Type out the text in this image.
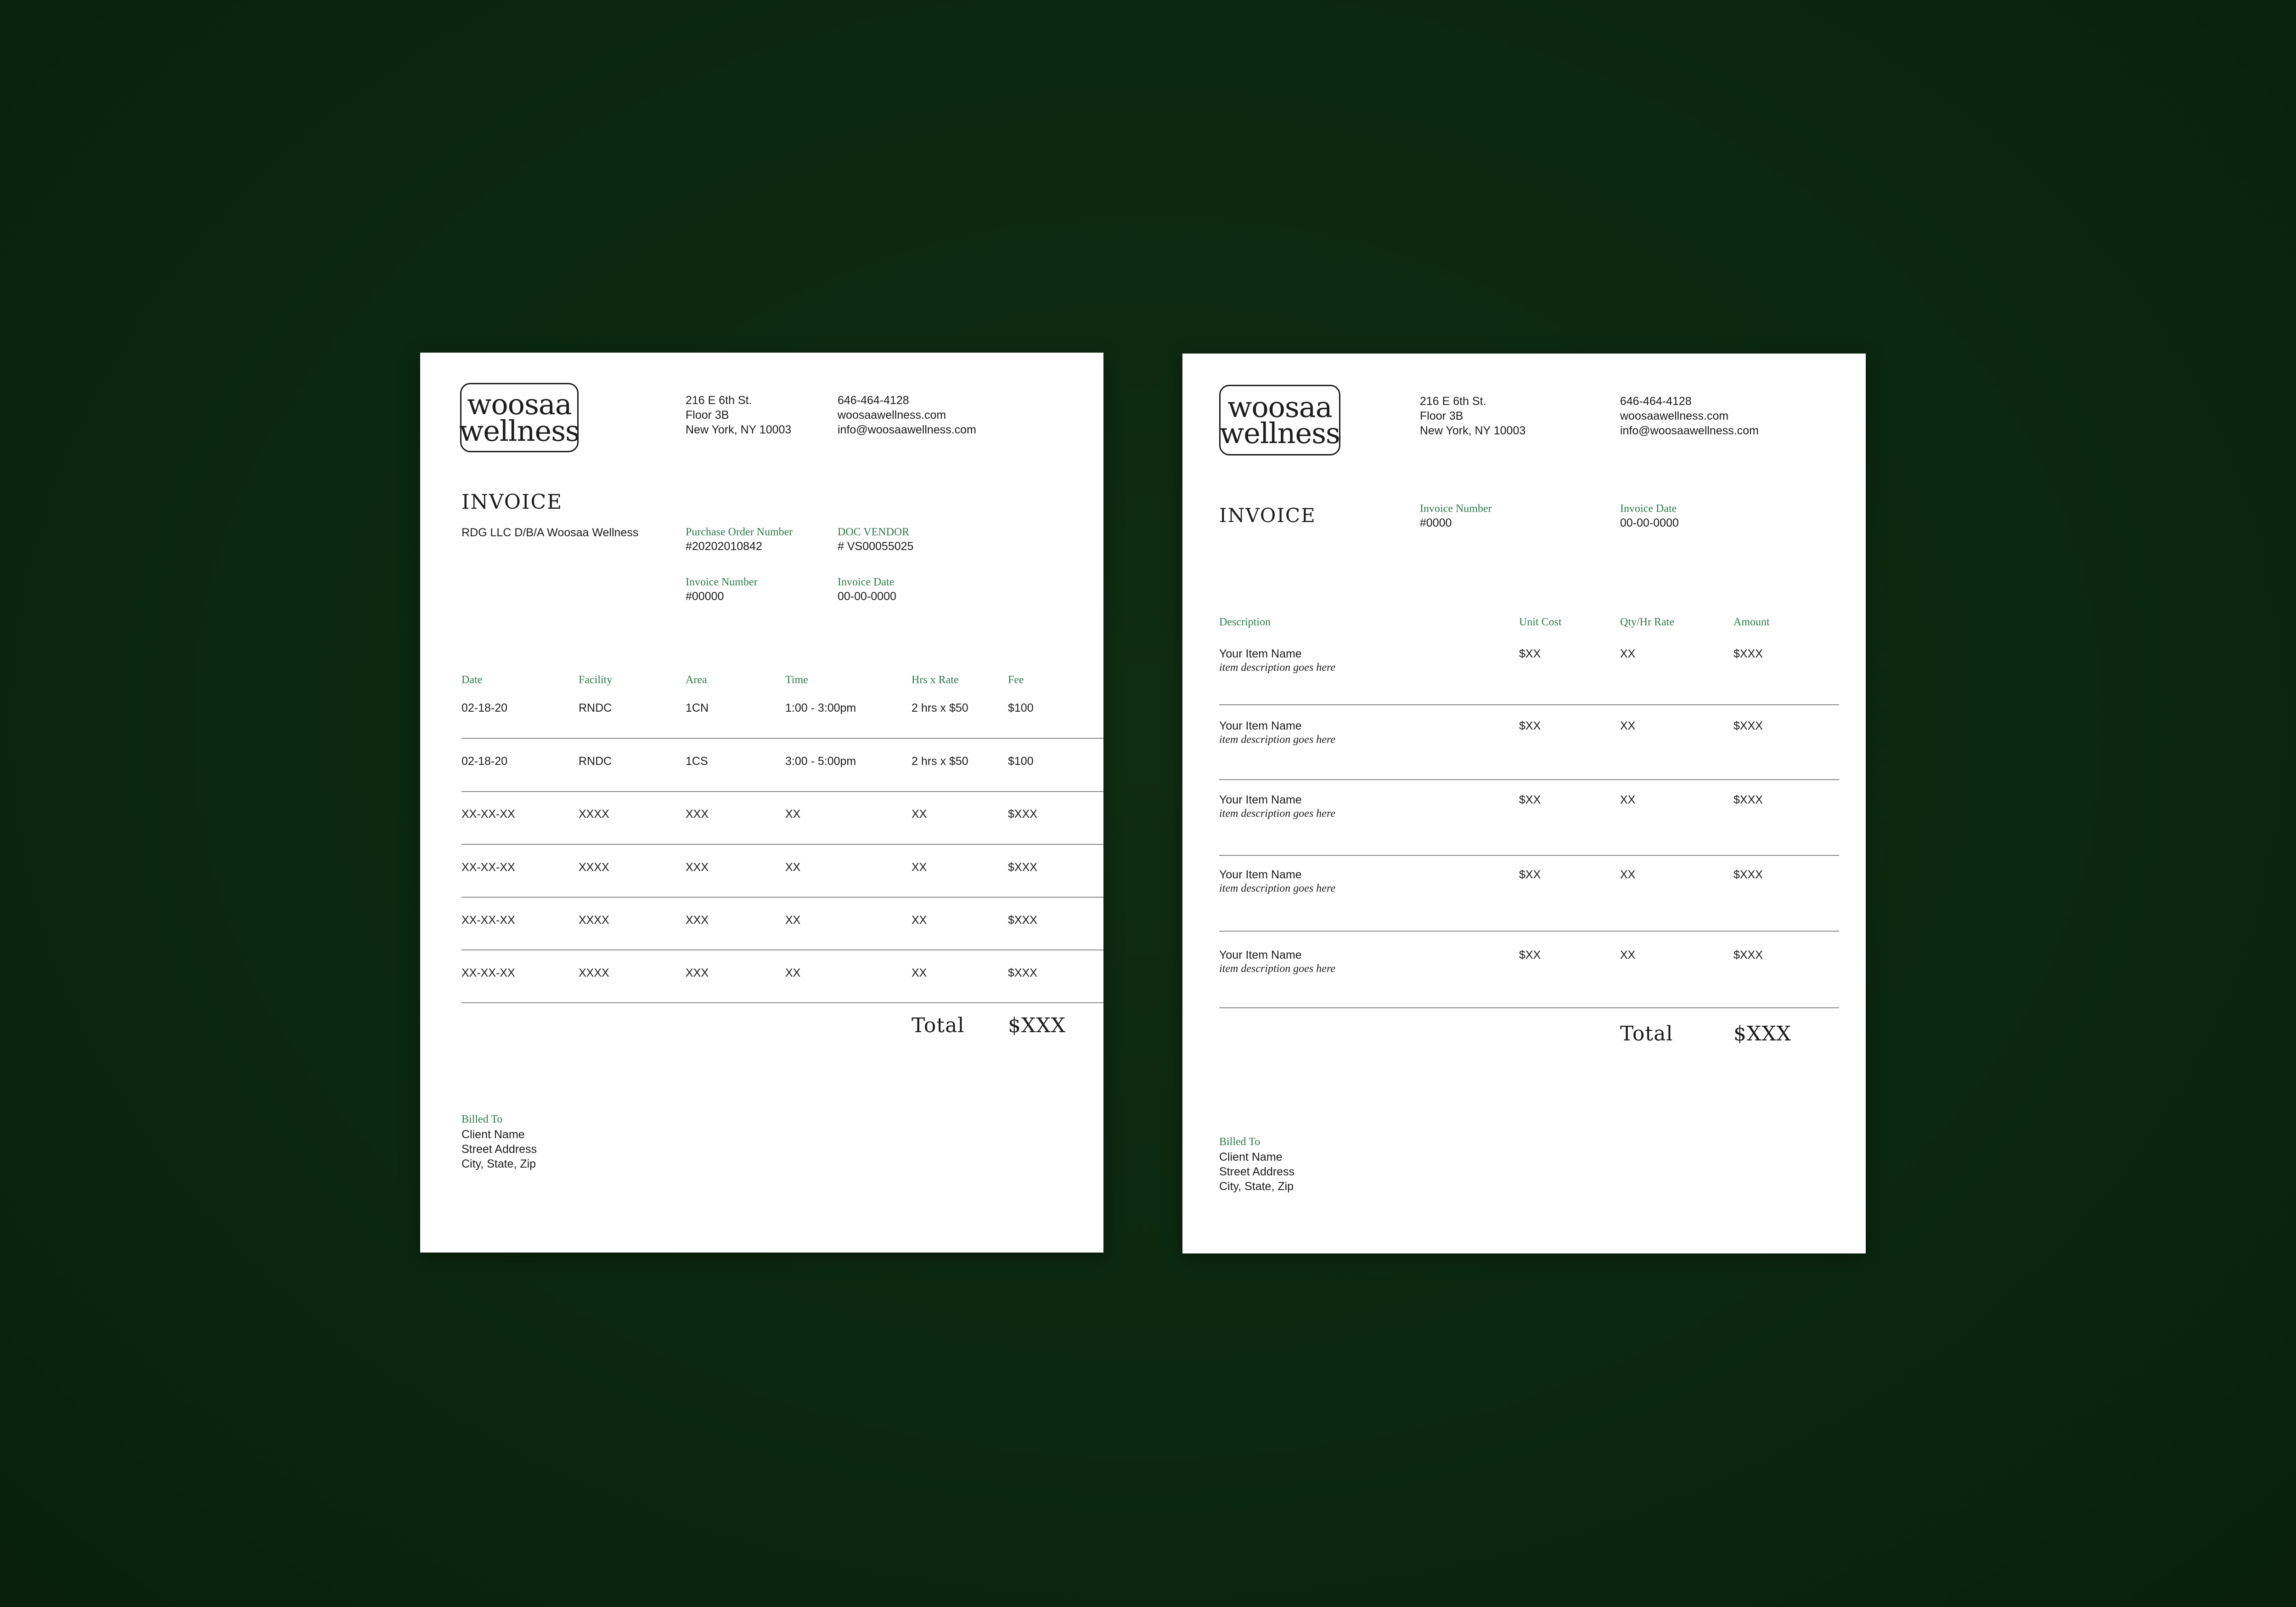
woosaa
wellness
216 E 6th St.
Floor 3B
New York, NY 10003
646-464-4128
woosaawellness.com
info@woosaawellness.com
INVOICE
RDG LLC D/B/A Woosaa Wellness	Purchase Order Number
#20202010842
DOC VENDOR
# VS00055025
Invoice Number
#00000
Invoice Date
00-00-0000
Date	Facility	Area	Time	Hrs x Rate	Fee
02-18-20	RNDC	1CN	1:00 - 3:00pm	2 hrs x $50	$100
02-18-20	RNDC	1CS	3:00 - 5:00pm	2 hrs x $50	$100
XX-XX-XX	XXXX	XXX	XX	XX	$XXX
XX-XX-XX	XXXX	XXX	XX	XX	$XXX
XX-XX-XX	XXXX	XXX	XX	XX	$XXX
XX-XX-XX	XXXX	XXX	XX	XX	$XXX
Total $XXX
Billed To
Client Name
Street Address
City, State, Zip
woosaa
wellness
216 E 6th St.
Floor 3B
New York, NY 10003
646-464-4128
woosaawellness.com
info@woosaawellness.com
INVOICE	Invoice Number
#0000
Invoice Date
00-00-0000
Description	Unit Cost	Qty/Hr Rate	Amount
Your Item Name
item description goes here
$XX	XX	$XXX
Your Item Name
item description goes here
$XX	XX	$XXX
Your Item Name
item description goes here
$XX	XX	$XXX
Your Item Name
item description goes here
$XX	XX	$XXX
Your Item Name
item description goes here
$XX	XX	$XXX
Total	$XXX
Billed To
Client Name
Street Address
City, State, Zip
